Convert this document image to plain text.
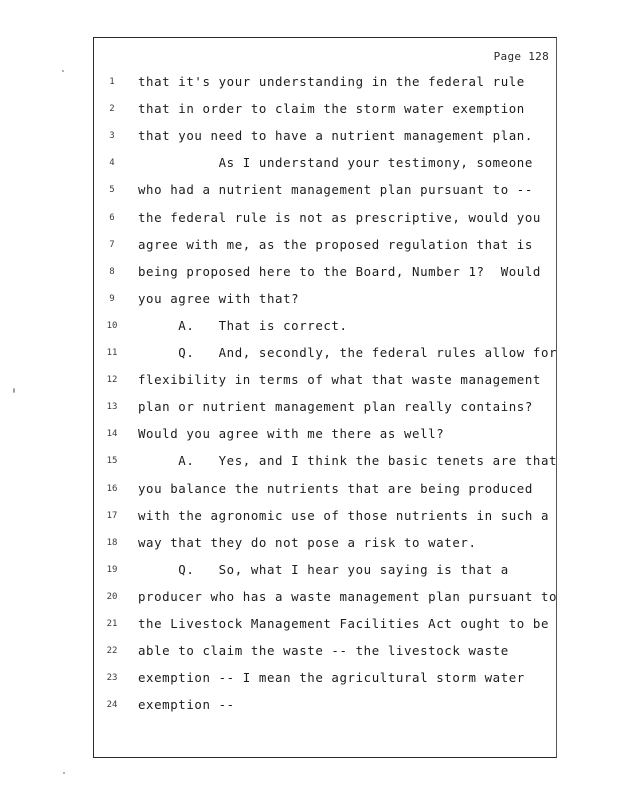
Page 128
1	that it's your understanding in the federal rule
2	that in order to claim the storm water exemption
3	that you need to have a nutrient management plan.
4	As I understand your testimony, someone
5	who had a nutrient management plan pursuant to --
6	the federal rule is not as prescriptive, would you
7	agree with me, as the proposed regulation that is
8	being proposed here to the Board, Number 1?  Would
9	you agree with that?
10	A.   That is correct.
11	Q.   And, secondly, the federal rules allow for
12	flexibility in terms of what that waste management
13	plan or nutrient management plan really contains?
14	Would you agree with me there as well?
15	A.   Yes, and I think the basic tenets are that
16	you balance the nutrients that are being produced
17	with the agronomic use of those nutrients in such a
18	way that they do not pose a risk to water.
19	Q.   So, what I hear you saying is that a
20	producer who has a waste management plan pursuant to
21	the Livestock Management Facilities Act ought to be
22	able to claim the waste -- the livestock waste
23	exemption -- I mean the agricultural storm water
24	exemption --
